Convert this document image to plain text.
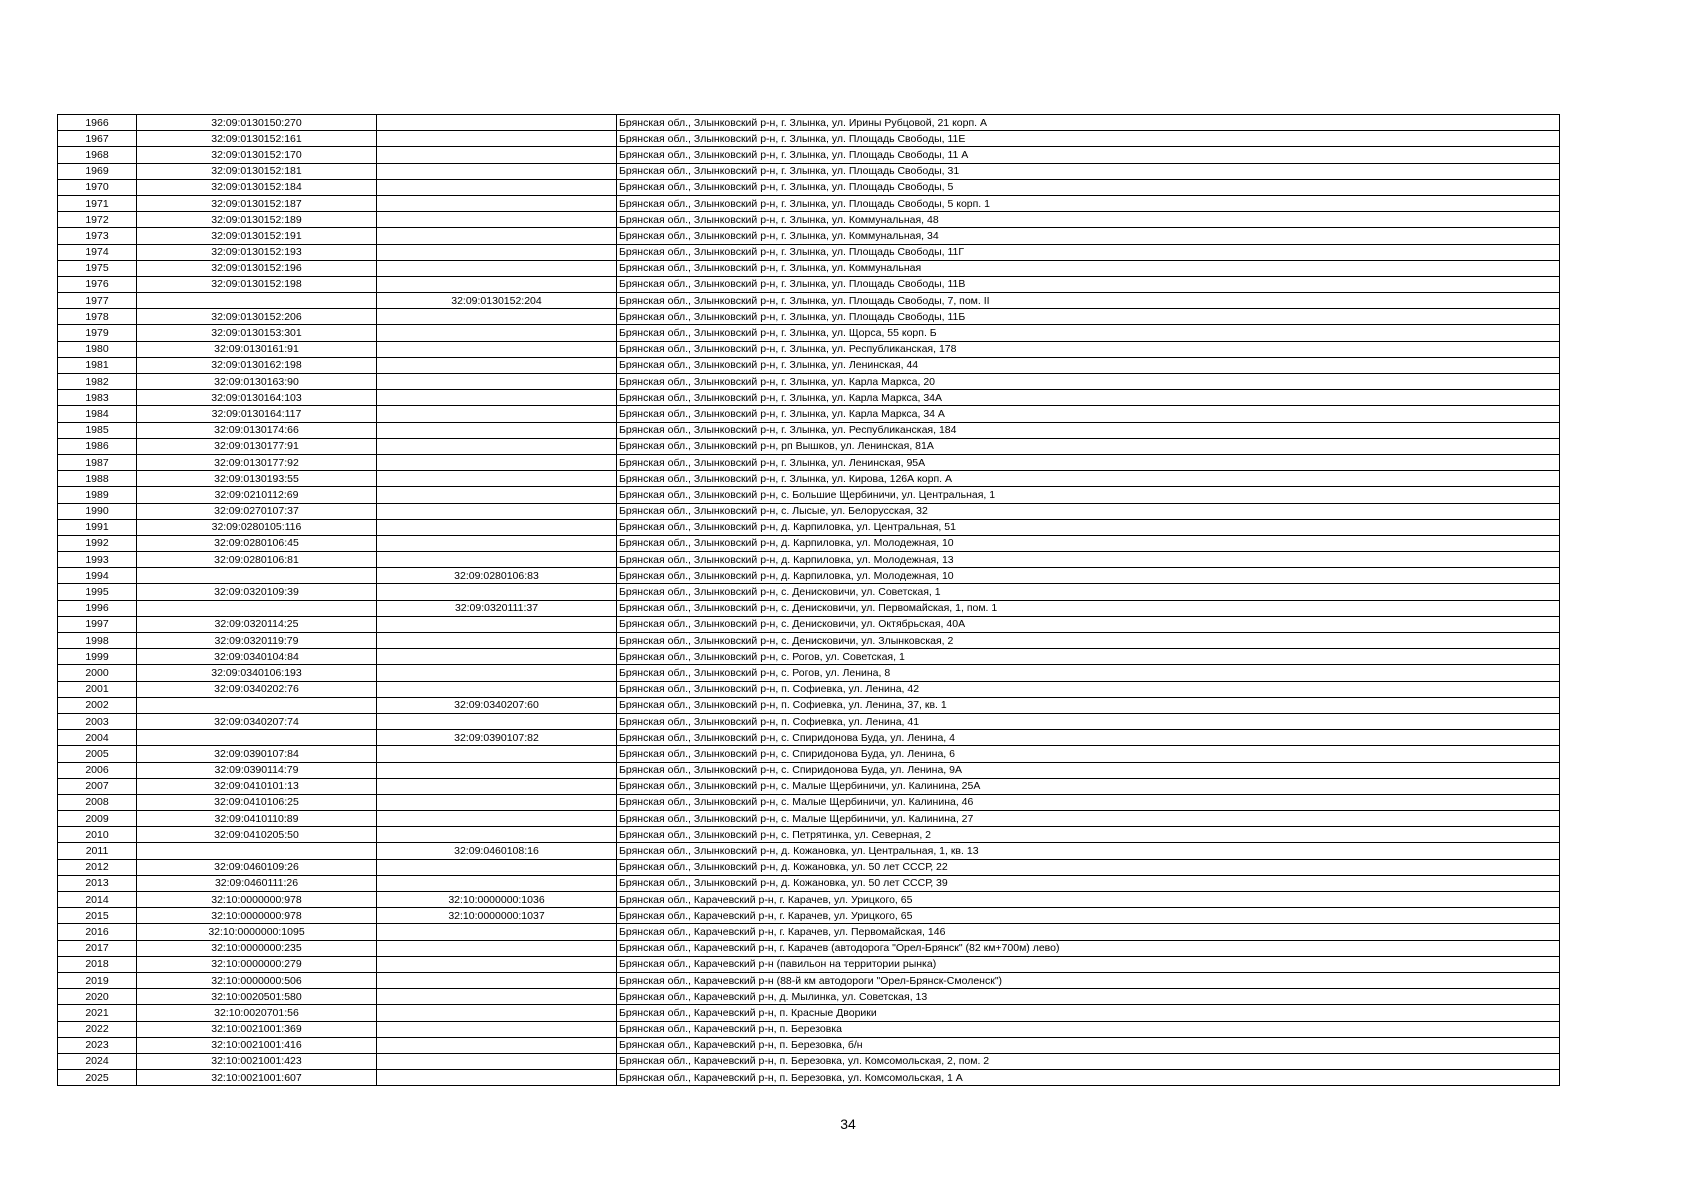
1966	32:09:0130150:270		Брянская обл., Злынковский р-н, г. Злынка, ул. Ирины Рубцовой, 21 корп. А
1967	32:09:0130152:161		Брянская обл., Злынковский р-н, г. Злынка, ул. Площадь Свободы, 11Е
1968	32:09:0130152:170		Брянская обл., Злынковский р-н, г. Злынка, ул. Площадь Свободы, 11 А
1969	32:09:0130152:181		Брянская обл., Злынковский р-н, г. Злынка, ул. Площадь Свободы, 31
1970	32:09:0130152:184		Брянская обл., Злынковский р-н, г. Злынка, ул. Площадь Свободы, 5
1971	32:09:0130152:187		Брянская обл., Злынковский р-н, г. Злынка, ул. Площадь Свободы, 5 корп. 1
1972	32:09:0130152:189		Брянская обл., Злынковский р-н, г. Злынка, ул. Коммунальная, 48
1973	32:09:0130152:191		Брянская обл., Злынковский р-н, г. Злынка, ул. Коммунальная, 34
1974	32:09:0130152:193		Брянская обл., Злынковский р-н, г. Злынка, ул. Площадь Свободы, 11Г
1975	32:09:0130152:196		Брянская обл., Злынковский р-н, г. Злынка, ул. Коммунальная
1976	32:09:0130152:198		Брянская обл., Злынковский р-н, г. Злынка, ул. Площадь Свободы, 11В
1977		32:09:0130152:204	Брянская обл., Злынковский р-н, г. Злынка, ул. Площадь Свободы, 7, пом. II
1978	32:09:0130152:206		Брянская обл., Злынковский р-н, г. Злынка, ул. Площадь Свободы, 11Б
1979	32:09:0130153:301		Брянская обл., Злынковский р-н, г. Злынка, ул. Щорса, 55 корп. Б
1980	32:09:0130161:91		Брянская обл., Злынковский р-н, г. Злынка, ул. Республиканская, 178
1981	32:09:0130162:198		Брянская обл., Злынковский р-н, г. Злынка, ул. Ленинская, 44
1982	32:09:0130163:90		Брянская обл., Злынковский р-н, г. Злынка, ул. Карла Маркса, 20
1983	32:09:0130164:103		Брянская обл., Злынковский р-н, г. Злынка, ул. Карла Маркса, 34А
1984	32:09:0130164:117		Брянская обл., Злынковский р-н, г. Злынка, ул. Карла Маркса, 34 А
1985	32:09:0130174:66		Брянская обл., Злынковский р-н, г. Злынка, ул. Республиканская, 184
1986	32:09:0130177:91		Брянская обл., Злынковский р-н, рп Вышков, ул. Ленинская, 81А
1987	32:09:0130177:92		Брянская обл., Злынковский р-н, г. Злынка, ул. Ленинская, 95А
1988	32:09:0130193:55		Брянская обл., Злынковский р-н, г. Злынка, ул. Кирова, 126А корп. А
1989	32:09:0210112:69		Брянская обл., Злынковский р-н, с. Большие Щербиничи, ул. Центральная, 1
1990	32:09:0270107:37		Брянская обл., Злынковский р-н, с. Лысые, ул. Белорусская, 32
1991	32:09:0280105:116		Брянская обл., Злынковский р-н, д. Карпиловка, ул. Центральная, 51
1992	32:09:0280106:45		Брянская обл., Злынковский р-н, д. Карпиловка, ул. Молодежная, 10
1993	32:09:0280106:81		Брянская обл., Злынковский р-н, д. Карпиловка, ул. Молодежная, 13
1994		32:09:0280106:83	Брянская обл., Злынковский р-н, д. Карпиловка, ул. Молодежная, 10
1995	32:09:0320109:39		Брянская обл., Злынковский р-н, с. Денисковичи, ул. Советская, 1
1996		32:09:0320111:37	Брянская обл., Злынковский р-н, с. Денисковичи, ул. Первомайская, 1, пом. 1
1997	32:09:0320114:25		Брянская обл., Злынковский р-н, с. Денисковичи, ул. Октябрьская, 40А
1998	32:09:0320119:79		Брянская обл., Злынковский р-н, с. Денисковичи, ул. Злынковская, 2
1999	32:09:0340104:84		Брянская обл., Злынковский р-н, с. Рогов, ул. Советская, 1
2000	32:09:0340106:193		Брянская обл., Злынковский р-н, с. Рогов, ул. Ленина, 8
2001	32:09:0340202:76		Брянская обл., Злынковский р-н, п. Софиевка, ул. Ленина, 42
2002		32:09:0340207:60	Брянская обл., Злынковский р-н, п. Софиевка, ул. Ленина, 37, кв. 1
2003	32:09:0340207:74		Брянская обл., Злынковский р-н, п. Софиевка, ул. Ленина, 41
2004		32:09:0390107:82	Брянская обл., Злынковский р-н, с. Спиридонова Буда, ул. Ленина, 4
2005	32:09:0390107:84		Брянская обл., Злынковский р-н, с. Спиридонова Буда, ул. Ленина, 6
2006	32:09:0390114:79		Брянская обл., Злынковский р-н, с. Спиридонова Буда, ул. Ленина, 9А
2007	32:09:0410101:13		Брянская обл., Злынковский р-н, с. Малые Щербиничи, ул. Калинина, 25А
2008	32:09:0410106:25		Брянская обл., Злынковский р-н, с. Малые Щербиничи, ул. Калинина, 46
2009	32:09:0410110:89		Брянская обл., Злынковский р-н, с. Малые Щербиничи, ул. Калинина, 27
2010	32:09:0410205:50		Брянская обл., Злынковский р-н, с. Петрятинка, ул. Северная, 2
2011		32:09:0460108:16	Брянская обл., Злынковский р-н, д. Кожановка, ул. Центральная, 1, кв. 13
2012	32:09:0460109:26		Брянская обл., Злынковский р-н, д. Кожановка, ул. 50 лет СССР, 22
2013	32:09:0460111:26		Брянская обл., Злынковский р-н, д. Кожановка, ул. 50 лет СССР, 39
2014	32:10:0000000:978	32:10:0000000:1036	Брянская обл., Карачевский р-н, г. Карачев, ул. Урицкого, 65
2015	32:10:0000000:978	32:10:0000000:1037	Брянская обл., Карачевский р-н, г. Карачев, ул. Урицкого, 65
2016	32:10:0000000:1095		Брянская обл., Карачевский р-н, г. Карачев, ул. Первомайская, 146
2017	32:10:0000000:235		Брянская обл., Карачевский р-н, г. Карачев (автодорога "Орел-Брянск" (82 км+700м) лево)
2018	32:10:0000000:279		Брянская обл., Карачевский р-н (павильон на территории рынка)
2019	32:10:0000000:506		Брянская обл., Карачевский р-н (88-й км автодороги "Орел-Брянск-Смоленск")
2020	32:10:0020501:580		Брянская обл., Карачевский р-н, д. Мылинка, ул. Советская, 13
2021	32:10:0020701:56		Брянская обл., Карачевский р-н, п. Красные Дворики
2022	32:10:0021001:369		Брянская обл., Карачевский р-н, п. Березовка
2023	32:10:0021001:416		Брянская обл., Карачевский р-н, п. Березовка, б/н
2024	32:10:0021001:423		Брянская обл., Карачевский р-н, п. Березовка, ул. Комсомольская, 2, пом. 2
2025	32:10:0021001:607		Брянская обл., Карачевский р-н, п. Березовка, ул. Комсомольская, 1 А
34
